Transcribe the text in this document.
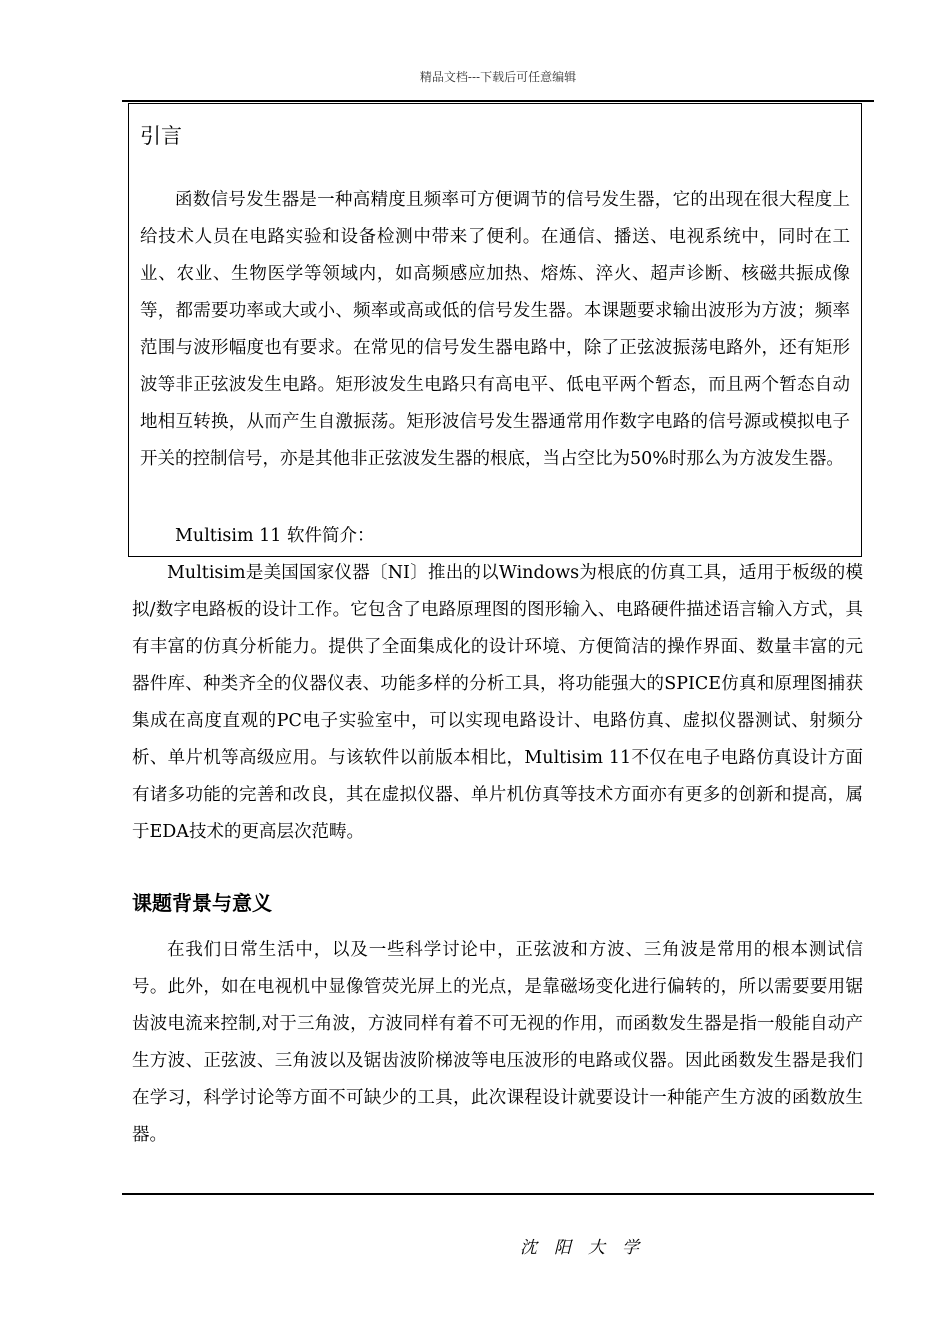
精品文档---下载后可任意编辑
引言

函数信号发生器是一种高精度且频率可方便调节的信号发生器，它的出现在很大程度上给技术人员在电路实验和设备检测中带来了便利。在通信、播送、电视系统中，同时在工业、农业、生物医学等领域内，如高频感应加热、熔炼、淬火、超声诊断、核磁共振成像等，都需要功率或大或小、频率或高或低的信号发生器。本课题要求输出波形为方波；频率范围与波形幅度也有要求。在常见的信号发生器电路中，除了正弦波振荡电路外，还有矩形波等非正弦波发生电路。矩形波发生电路只有高电平、低电平两个暂态，而且两个暂态自动地相互转换，从而产生自激振荡。矩形波信号发生器通常用作数字电路的信号源或模拟电子开关的控制信号，亦是其他非正弦波发生器的根底，当占空比为50%时那么为方波发生器。

Multisim 11 软件简介：

Multisim是美国国家仪器〔NI〕推出的以Windows为根底的仿真工具，适用于板级的模拟/数字电路板的设计工作。它包含了电路原理图的图形输入、电路硬件描述语言输入方式，具有丰富的仿真分析能力。提供了全面集成化的设计环境、方便简洁的操作界面、数量丰富的元器件库、种类齐全的仪器仪表、功能多样的分析工具，将功能强大的SPICE仿真和原理图捕获集成在高度直观的PC电子实验室中，可以实现电路设计、电路仿真、虚拟仪器测试、射频分析、单片机等高级应用。与该软件以前版本相比，Multisim 11不仅在电子电路仿真设计方面有诸多功能的完善和改良，其在虚拟仪器、单片机仿真等技术方面亦有更多的创新和提高，属于EDA技术的更高层次范畴。

课题背景与意义

在我们日常生活中，以及一些科学讨论中，正弦波和方波、三角波是常用的根本测试信号。此外，如在电视机中显像管荧光屏上的光点，是靠磁场变化进行偏转的，所以需要要用锯齿波电流来控制,对于三角波，方波同样有着不可无视的作用，而函数发生器是指一般能自动产生方波、正弦波、三角波以及锯齿波阶梯波等电压波形的电路或仪器。因此函数发生器是我们在学习，科学讨论等方面不可缺少的工具，此次课程设计就要设计一种能产生方波的函数放生器。

沈阳大学
